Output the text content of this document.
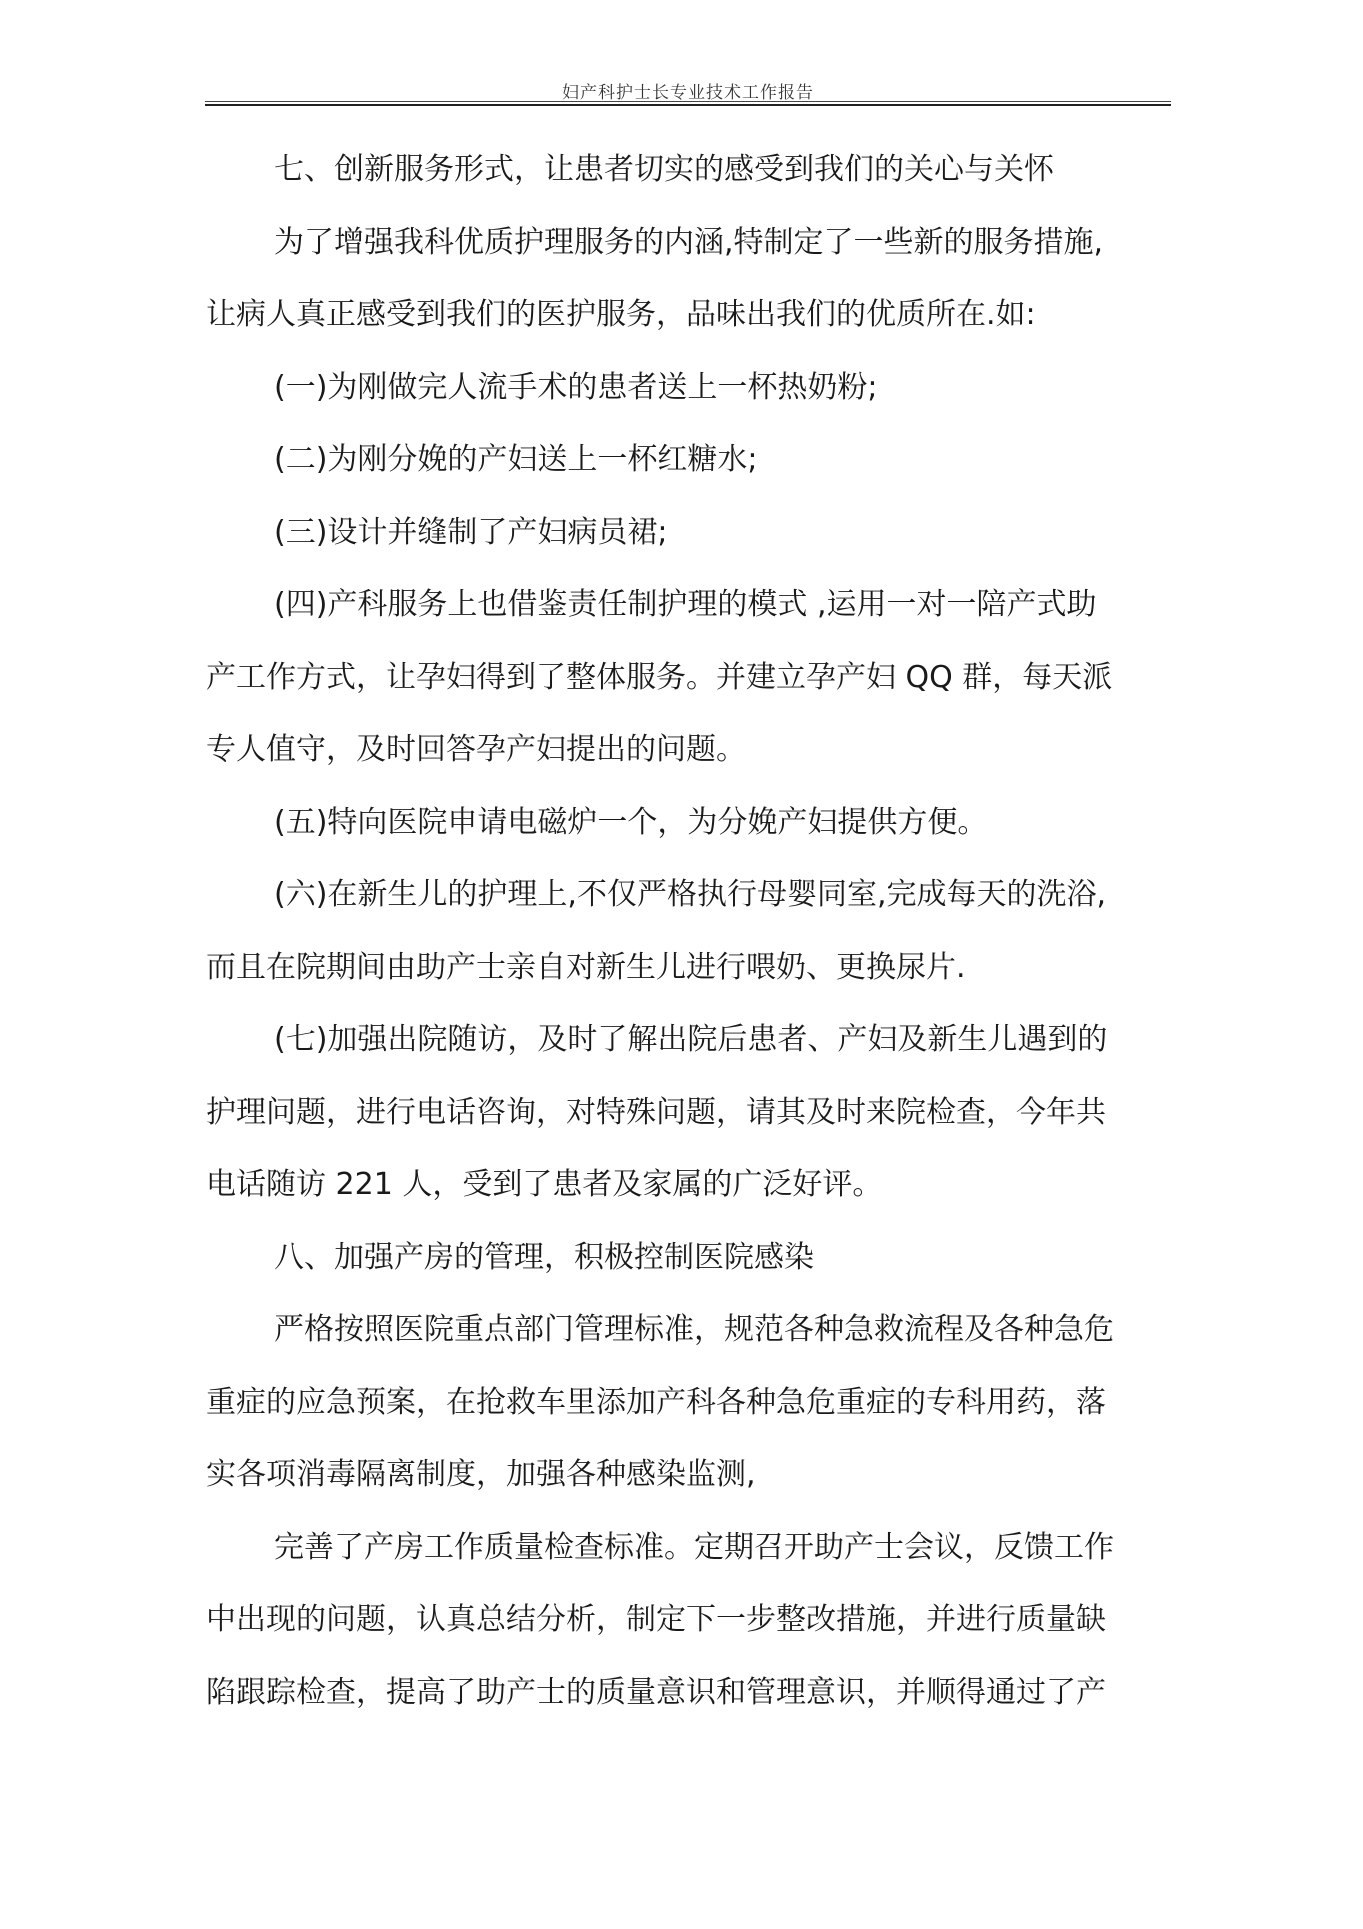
妇产科护士长专业技术工作报告
七、创新服务形式，让患者切实的感受到我们的关心与关怀
为了增强我科优质护理服务的内涵,特制定了一些新的服务措施,
让病人真正感受到我们的医护服务，品味出我们的优质所在.如:
(一)为刚做完人流手术的患者送上一杯热奶粉;
(二)为刚分娩的产妇送上一杯红糖水;
(三)设计并缝制了产妇病员裙;
(四)产科服务上也借鉴责任制护理的模式 ,运用一对一陪产式助
产工作方式，让孕妇得到了整体服务。并建立孕产妇 QQ 群，每天派
专人值守，及时回答孕产妇提出的问题。
(五)特向医院申请电磁炉一个，为分娩产妇提供方便。
(六)在新生儿的护理上,不仅严格执行母婴同室,完成每天的洗浴,
而且在院期间由助产士亲自对新生儿进行喂奶、更换尿片.
(七)加强出院随访，及时了解出院后患者、产妇及新生儿遇到的
护理问题，进行电话咨询，对特殊问题，请其及时来院检查，今年共
电话随访 221 人，受到了患者及家属的广泛好评。
八、加强产房的管理，积极控制医院感染
严格按照医院重点部门管理标准，规范各种急救流程及各种急危
重症的应急预案，在抢救车里添加产科各种急危重症的专科用药，落
实各项消毒隔离制度，加强各种感染监测,
完善了产房工作质量检查标准。定期召开助产士会议，反馈工作
中出现的问题，认真总结分析，制定下一步整改措施，并进行质量缺
陷跟踪检查，提高了助产士的质量意识和管理意识，并顺得通过了产
